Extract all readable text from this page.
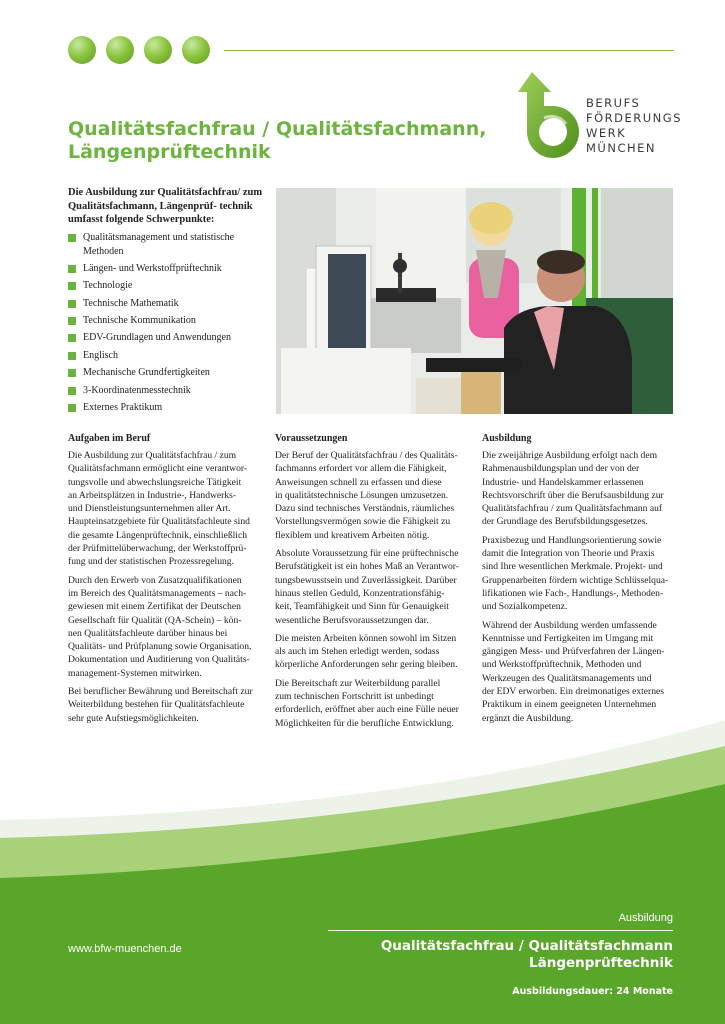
BERUFS
FÖRDERUNGS
WERK
MÜNCHEN
Qualitätsfachfrau / Qualitätsfachmann,
Längenprüftechnik
Die Ausbildung zur Qualitätsfachfrau/ zum Qualitätsfachmann, Längenprüf- technik umfasst folgende Schwerpunkte:
Qualitätsmanagement und statistische Methoden
Längen- und Werkstoffprüftechnik
Technologie
Technische Mathematik
Technische Kommunikation
EDV-Grundlagen und Anwendungen
Englisch
Mechanische Grundfertigkeiten
3-Koordinatenmesstechnik
Externes Praktikum
Aufgaben im Beruf

Die Ausbildung zur Qualitätsfachfrau / zum
Qualitätsfachmann ermöglicht eine verantwor-
tungsvolle und abwechslungsreiche Tätigkeit
an Arbeitsplätzen in Industrie-, Handwerks-
und Dienstleistungsunternehmen aller Art.
Haupteinsatzgebiete für Qualitätsfachleute sind
die gesamte Längenprüftechnik, einschließlich
der Prüfmittelüberwachung, der Werkstoffprü-
fung und der statistischen Prozessregelung.

Durch den Erwerb von Zusatzqualifikationen
im Bereich des Qualitätsmanagements – nach-
gewiesen mit einem Zertifikat der Deutschen
Gesellschaft für Qualität (QA-Schein) – kön-
nen Qualitätsfachleute darüber hinaus bei
Qualitäts- und Prüfplanung sowie Organisation,
Dokumentation und Auditierung von Qualitäts-
management-Systemen mitwirken.

Bei beruflicher Bewährung und Bereitschaft zur
Weiterbildung bestehen für Qualitätsfachleute
sehr gute Aufstiegsmöglichkeiten.

Voraussetzungen

Der Beruf der Qualitätsfachfrau / des Qualitäts-
fachmanns erfordert vor allem die Fähigkeit,
Anweisungen schnell zu erfassen und diese
in qualitätstechnische Lösungen umzusetzen.
Dazu sind technisches Verständnis, räumliches
Vorstellungsvermögen sowie die Fähigkeit zu
flexiblem und kreativem Arbeiten nötig.

Absolute Voraussetzung für eine prüftechnische
Berufstätigkeit ist ein hohes Maß an Verantwor-
tungsbewusstsein und Zuverlässigkeit. Darüber
hinaus stellen Geduld, Konzentrationsfähig-
keit, Teamfähigkeit und Sinn für Genauigkeit
wesentliche Berufsvoraussetzungen dar.

Die meisten Arbeiten können sowohl im Sitzen
als auch im Stehen erledigt werden, sodass
körperliche Anforderungen sehr gering bleiben.

Die Bereitschaft zur Weiterbildung parallel
zum technischen Fortschritt ist unbedingt
erforderlich, eröffnet aber auch eine Fülle neuer
Möglichkeiten für die berufliche Entwicklung.

Ausbildung

Die zweijährige Ausbildung erfolgt nach dem
Rahmenausbildungsplan und der von der
Industrie- und Handelskammer erlassenen
Rechtsvorschrift über die Berufsausbildung zur
Qualitätsfachfrau / zum Qualitätsfachmann auf
der Grundlage des Berufsbildungsgesetzes.

Praxisbezug und Handlungsorientierung sowie
damit die Integration von Theorie und Praxis
sind Ihre wesentlichen Merkmale. Projekt- und
Gruppenarbeiten fördern wichtige Schlüsselqua-
lifikationen wie Fach-, Handlungs-, Methoden-
und Sozialkompetenz.

Während der Ausbildung werden umfassende
Kenntnisse und Fertigkeiten im Umgang mit
gängigen Mess- und Prüfverfahren der Längen-
und Werkstoffprüftechnik, Methoden und
Werkzeugen des Qualitätsmanagements und
der EDV erworben. Ein dreimonatiges externes
Praktikum in einem geeigneten Unternehmen
ergänzt die Ausbildung.

Ausbildung
www.bfw-muenchen.de	Qualitätsfachfrau / Qualitätsfachmann
Längenprüftechnik
Ausbildungsdauer: 24 Monate
